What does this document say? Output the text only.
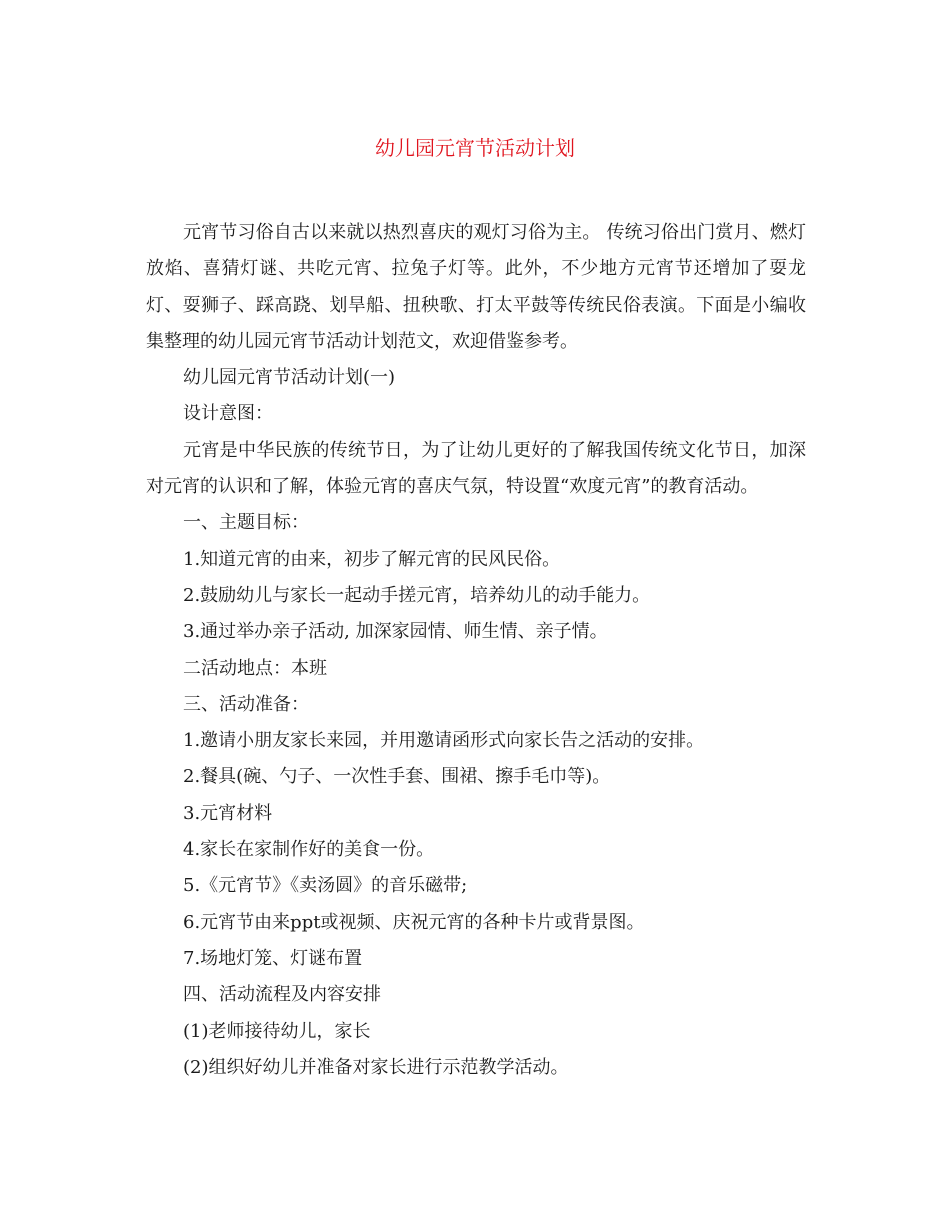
幼儿园元宵节活动计划

元宵节习俗自古以来就以热烈喜庆的观灯习俗为主。 传统习俗出门赏月、燃灯放焰、喜猜灯谜、共吃元宵、拉兔子灯等。此外，不少地方元宵节还增加了耍龙灯、耍狮子、踩高跷、划旱船、扭秧歌、打太平鼓等传统民俗表演。下面是小编收集整理的幼儿园元宵节活动计划范文，欢迎借鉴参考。

幼儿园元宵节活动计划(一)

设计意图：

元宵是中华民族的传统节日，为了让幼儿更好的了解我国传统文化节日，加深对元宵的认识和了解，体验元宵的喜庆气氛，特设置“欢度元宵”的教育活动。

一、主题目标：

1.知道元宵的由来，初步了解元宵的民风民俗。

2.鼓励幼儿与家长一起动手搓元宵，培养幼儿的动手能力。

3.通过举办亲子活动, 加深家园情、师生情、亲子情。

二活动地点：本班

三、活动准备：

1.邀请小朋友家长来园，并用邀请函形式向家长告之活动的安排。

2.餐具(碗、勺子、一次性手套、围裙、擦手毛巾等)。

3.元宵材料

4.家长在家制作好的美食一份。

5.《元宵节》《卖汤圆》的音乐磁带;

6.元宵节由来ppt或视频、庆祝元宵的各种卡片或背景图。

7.场地灯笼、灯谜布置

四、活动流程及内容安排

(1)老师接待幼儿，家长

(2)组织好幼儿并准备对家长进行示范教学活动。
